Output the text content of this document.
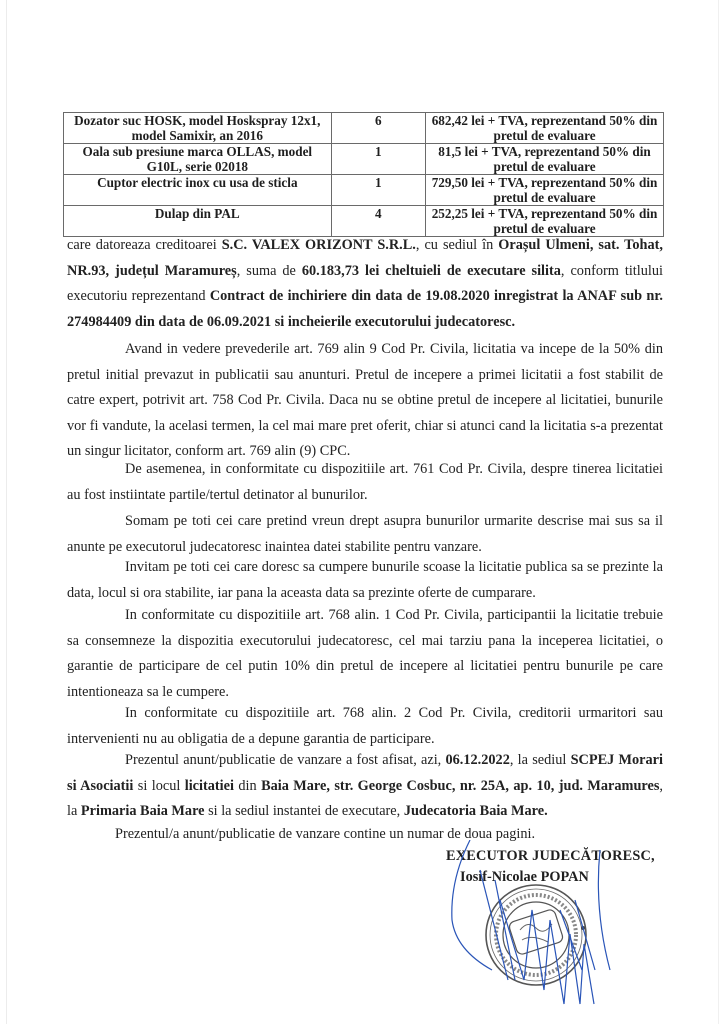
Dozator suc HOSK, model Hoskspray 12x1, model Samixir, an 2016	6	682,42 lei + TVA, reprezentand 50% din pretul de evaluare
Oala sub presiune marca OLLAS, model G10L, serie 02018	1	81,5 lei + TVA, reprezentand 50% din pretul de evaluare
Cuptor electric inox cu usa de sticla	1	729,50 lei + TVA, reprezentand 50% din pretul de evaluare
Dulap din PAL	4	252,25 lei + TVA, reprezentand 50% din pretul de evaluare

care datoreaza creditoarei S.C. VALEX ORIZONT S.R.L., cu sediul în Orașul Ulmeni, sat. Tohat, NR.93, județul Maramureș, suma de 60.183,73 lei cheltuieli de executare silita, conform titlului executoriu reprezentand Contract de inchiriere din data de 19.08.2020 inregistrat la ANAF sub nr. 274984409 din data de 06.09.2021 si incheierile executorului judecatoresc.

Avand in vedere prevederile art. 769 alin 9 Cod Pr. Civila, licitatia va incepe de la 50% din pretul initial prevazut in publicatii sau anunturi. Pretul de incepere a primei licitatii a fost stabilit de catre expert, potrivit art. 758 Cod Pr. Civila. Daca nu se obtine pretul de incepere al licitatiei, bunurile vor fi vandute, la acelasi termen, la cel mai mare pret oferit, chiar si atunci cand la licitatia s-a prezentat un singur licitator, conform art. 769 alin (9) CPC.

De asemenea, in conformitate cu dispozitiile art. 761 Cod Pr. Civila, despre tinerea licitatiei au fost instiintate partile/tertul detinator al bunurilor.

Somam pe toti cei care pretind vreun drept asupra bunurilor urmarite descrise mai sus sa il anunte pe executorul judecatoresc inaintea datei stabilite pentru vanzare.

Invitam pe toti cei care doresc sa cumpere bunurile scoase la licitatie publica sa se prezinte la data, locul si ora stabilite, iar pana la aceasta data sa prezinte oferte de cumparare.

In conformitate cu dispozitiile art. 768 alin. 1 Cod Pr. Civila, participantii la licitatie trebuie sa consemneze la dispozitia executorului judecatoresc, cel mai tarziu pana la inceperea licitatiei, o garantie de participare de cel putin 10% din pretul de incepere al licitatiei pentru bunurile pe care intentioneaza sa le cumpere.

In conformitate cu dispozitiile art. 768 alin. 2 Cod Pr. Civila, creditorii urmaritori sau intervenienti nu au obligatia de a depune garantia de participare.

Prezentul anunt/publicatie de vanzare a fost afisat, azi, 06.12.2022, la sediul SCPEJ Morari si Asociatii si locul licitatiei din Baia Mare, str. George Cosbuc, nr. 25A, ap. 10, jud. Maramures, la Primaria Baia Mare si la sediul instantei de executare, Judecatoria Baia Mare.

Prezentul/a anunt/publicatie de vanzare contine un numar de doua pagini.

EXECUTOR JUDECĂTORESC,
Iosif-Nicolae POPAN
